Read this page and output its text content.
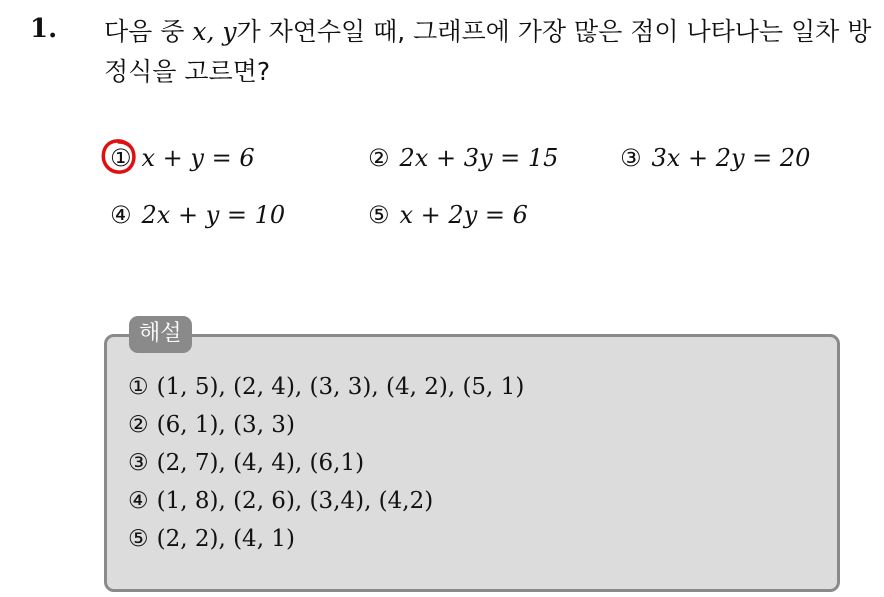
1. 다음 중 x, y가 자연수일 때, 그래프에 가장 많은 점이 나타나는 일차 방정식을 고르면?
① x + y = 6	② 2x + 3y = 15	③ 3x + 2y = 20
④ 2x + y = 10	⑤ x + 2y = 6
해설
① (1, 5), (2, 4), (3, 3), (4, 2), (5, 1)
② (6, 1), (3, 3)
③ (2, 7), (4, 4), (6,1)
④ (1, 8), (2, 6), (3,4), (4,2)
⑤ (2, 2), (4, 1)
